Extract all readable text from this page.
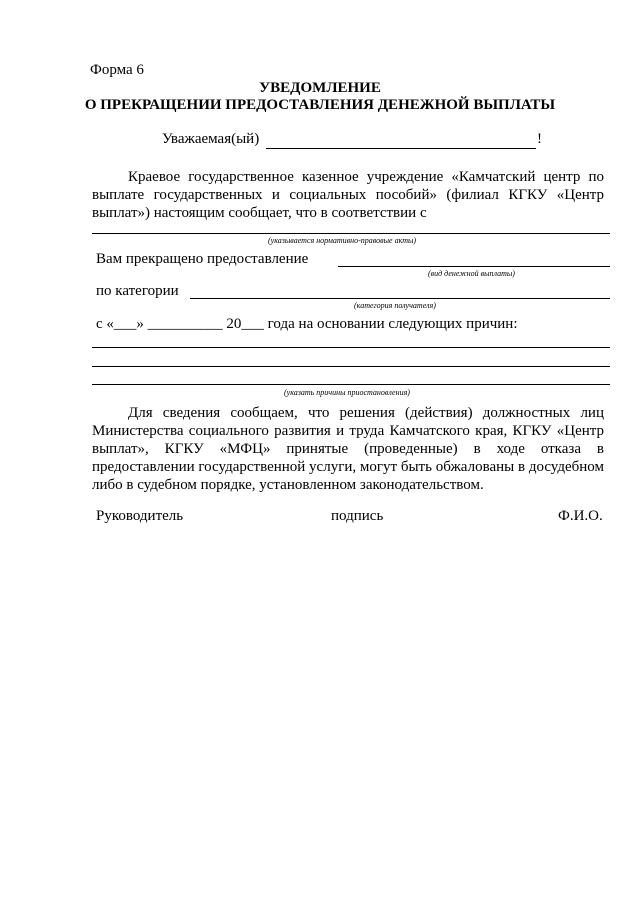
Форма 6
УВЕДОМЛЕНИЕ
О ПРЕКРАЩЕНИИ ПРЕДОСТАВЛЕНИЯ ДЕНЕЖНОЙ ВЫПЛАТЫ
Уважаемая(ый)	!
Краевое государственное казенное учреждение «Камчатский центр по выплате государственных и социальных пособий» (филиал КГКУ «Центр выплат») настоящим сообщает, что в соответствии с
(указывается нормативно-правовые акты)
Вам прекращено предоставление
(вид денежной выплаты)
по категории
(категория получателя)
с «___» __________ 20___ года на основании следующих причин:
(указать причины приостановления)
Для сведения сообщаем, что решения (действия) должностных лиц Министерства социального развития и труда Камчатского края, КГКУ «Центр выплат», КГКУ «МФЦ» принятые (проведенные) в ходе отказа в предоставлении государственной услуги, могут быть обжалованы в досудебном либо в судебном порядке, установленном законодательством.
Руководитель	подпись	Ф.И.О.
